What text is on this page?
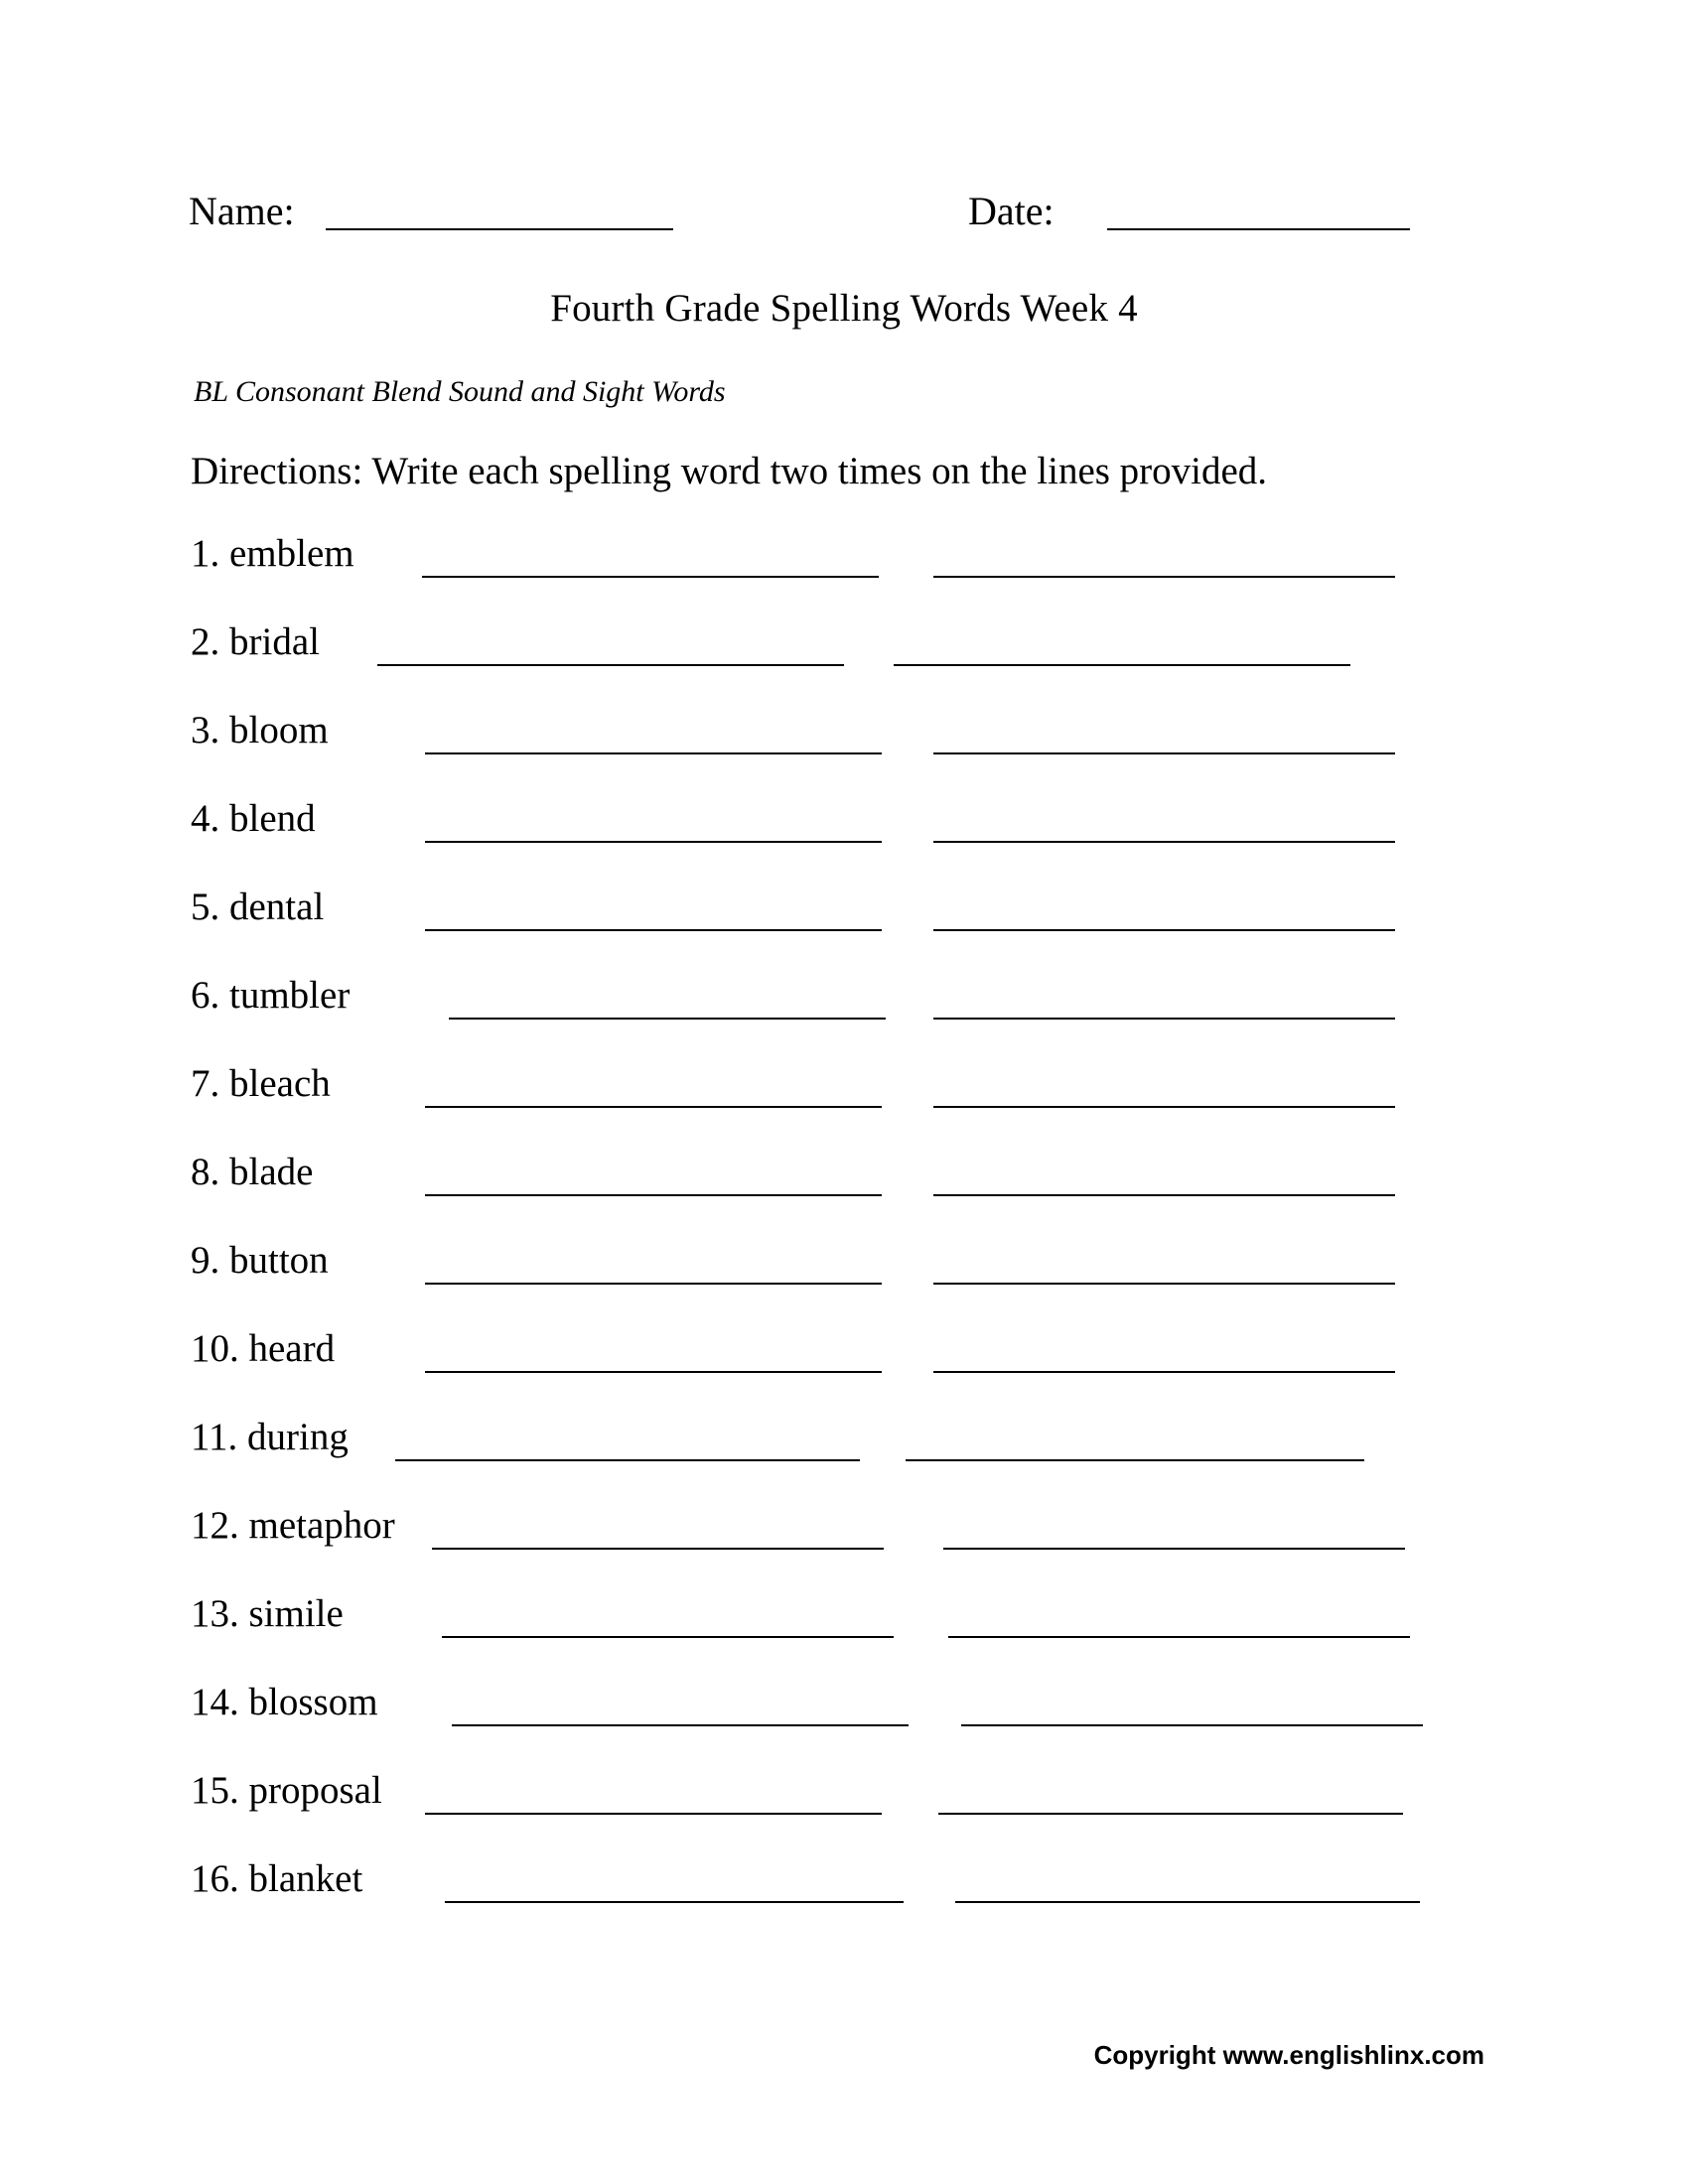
Name:	Date:
Fourth Grade Spelling Words Week 4
BL Consonant Blend Sound and Sight Words
Directions: Write each spelling word two times on the lines provided.
1. emblem
2. bridal
3. bloom
4. blend
5. dental
6. tumbler
7. bleach
8. blade
9. button
10. heard
11. during
12. metaphor
13. simile
14. blossom
15. proposal
16. blanket
Copyright www.englishlinx.com
